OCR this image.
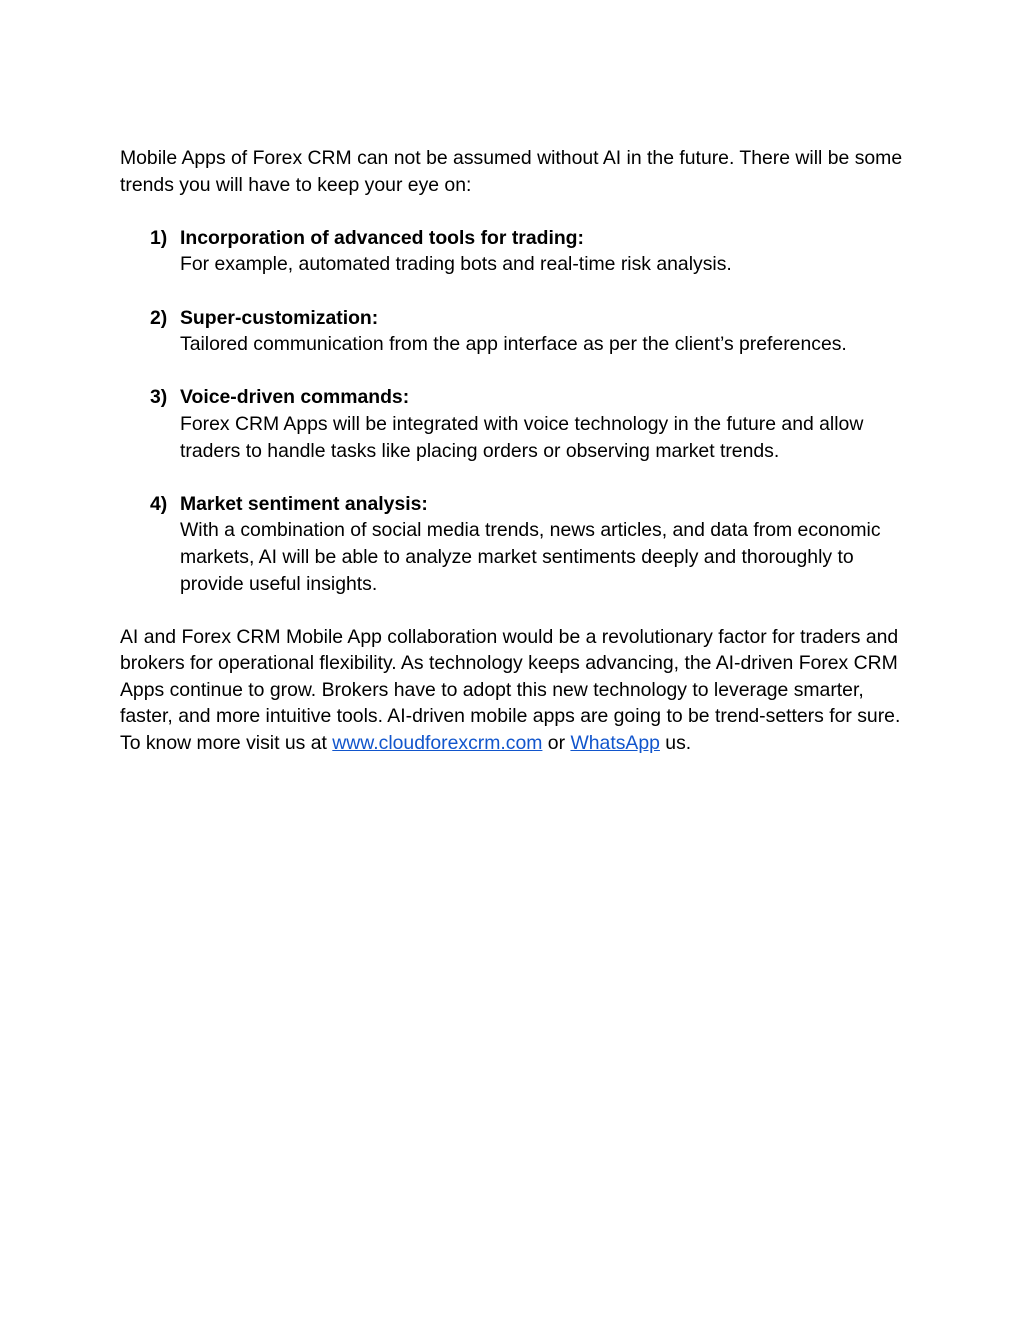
Mobile Apps of Forex CRM can not be assumed without AI in the future. There will be some trends you will have to keep your eye on:

1) Incorporation of advanced tools for trading:
For example, automated trading bots and real-time risk analysis.
2) Super-customization:
Tailored communication from the app interface as per the client’s preferences.
3) Voice-driven commands:
Forex CRM Apps will be integrated with voice technology in the future and allow traders to handle tasks like placing orders or observing market trends.
4) Market sentiment analysis:
With a combination of social media trends, news articles, and data from economic markets, AI will be able to analyze market sentiments deeply and thoroughly to provide useful insights.

AI and Forex CRM Mobile App collaboration would be a revolutionary factor for traders and brokers for operational flexibility. As technology keeps advancing, the AI-driven Forex CRM Apps continue to grow. Brokers have to adopt this new technology to leverage smarter, faster, and more intuitive tools. AI-driven mobile apps are going to be trend-setters for sure. To know more visit us at www.cloudforexcrm.com or WhatsApp us.
